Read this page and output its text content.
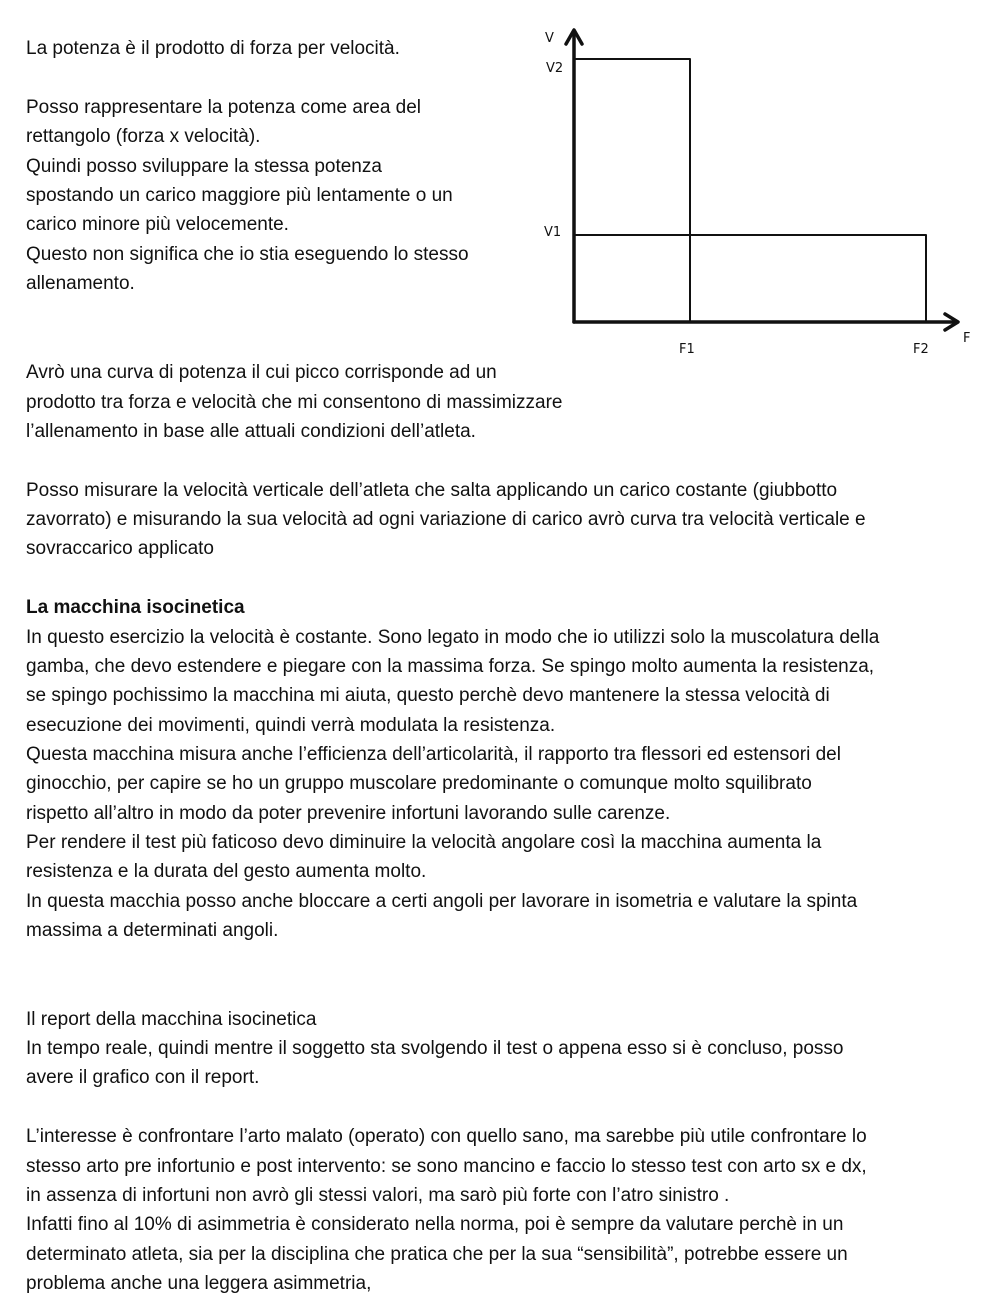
La potenza è il prodotto di forza per velocità.
Posso rappresentare la potenza come area del
rettangolo (forza x velocità).
Quindi posso sviluppare la stessa potenza
spostando un carico maggiore più lentamente o un
carico minore più velocemente.
Questo non significa che io stia eseguendo lo stesso
allenamento.
Avrò una curva di potenza il cui picco corrisponde ad un
prodotto tra forza e velocità che mi consentono di massimizzare
l’allenamento in base alle attuali condizioni dell’atleta.
Posso misurare la velocità verticale dell’atleta che salta applicando un carico costante (giubbotto
zavorrato) e misurando la sua velocità ad ogni variazione di carico avrò curva tra velocità verticale e
sovraccarico applicato
La macchina isocinetica
In questo esercizio la velocità è costante. Sono legato in modo che io utilizzi solo la muscolatura della
gamba, che devo estendere e piegare con la massima forza. Se spingo molto aumenta la resistenza,
se spingo pochissimo la macchina mi aiuta, questo perchè devo mantenere la stessa velocità di
esecuzione dei movimenti, quindi verrà modulata la resistenza.
Questa macchina misura anche l’efficienza dell’articolarità, il rapporto tra flessori ed estensori del
ginocchio, per capire se ho un gruppo muscolare predominante o comunque molto squilibrato
rispetto all’altro in modo da poter prevenire infortuni lavorando sulle carenze.
Per rendere il test più faticoso devo diminuire la velocità angolare così la macchina aumenta la
resistenza e la durata del gesto aumenta molto.
In questa macchia posso anche bloccare a certi angoli per lavorare in isometria e valutare la spinta
massima a determinati angoli.
Il report della macchina isocinetica
In tempo reale, quindi mentre il soggetto sta svolgendo il test o appena esso si è concluso, posso
avere il grafico con il report.
L’interesse è confrontare l’arto malato (operato) con quello sano, ma sarebbe più utile confrontare lo
stesso arto pre infortunio e post intervento: se sono mancino e faccio lo stesso test con arto sx e dx,
in assenza di infortuni non avrò gli stessi valori, ma sarò più forte con l’atro sinistro .
Infatti fino al 10% di asimmetria è considerato nella norma, poi è sempre da valutare perchè in un
determinato atleta, sia per la disciplina che pratica che per la sua “sensibilità”, potrebbe essere un
problema anche una leggera asimmetria,
V
V2
V1
F1	F2
F
